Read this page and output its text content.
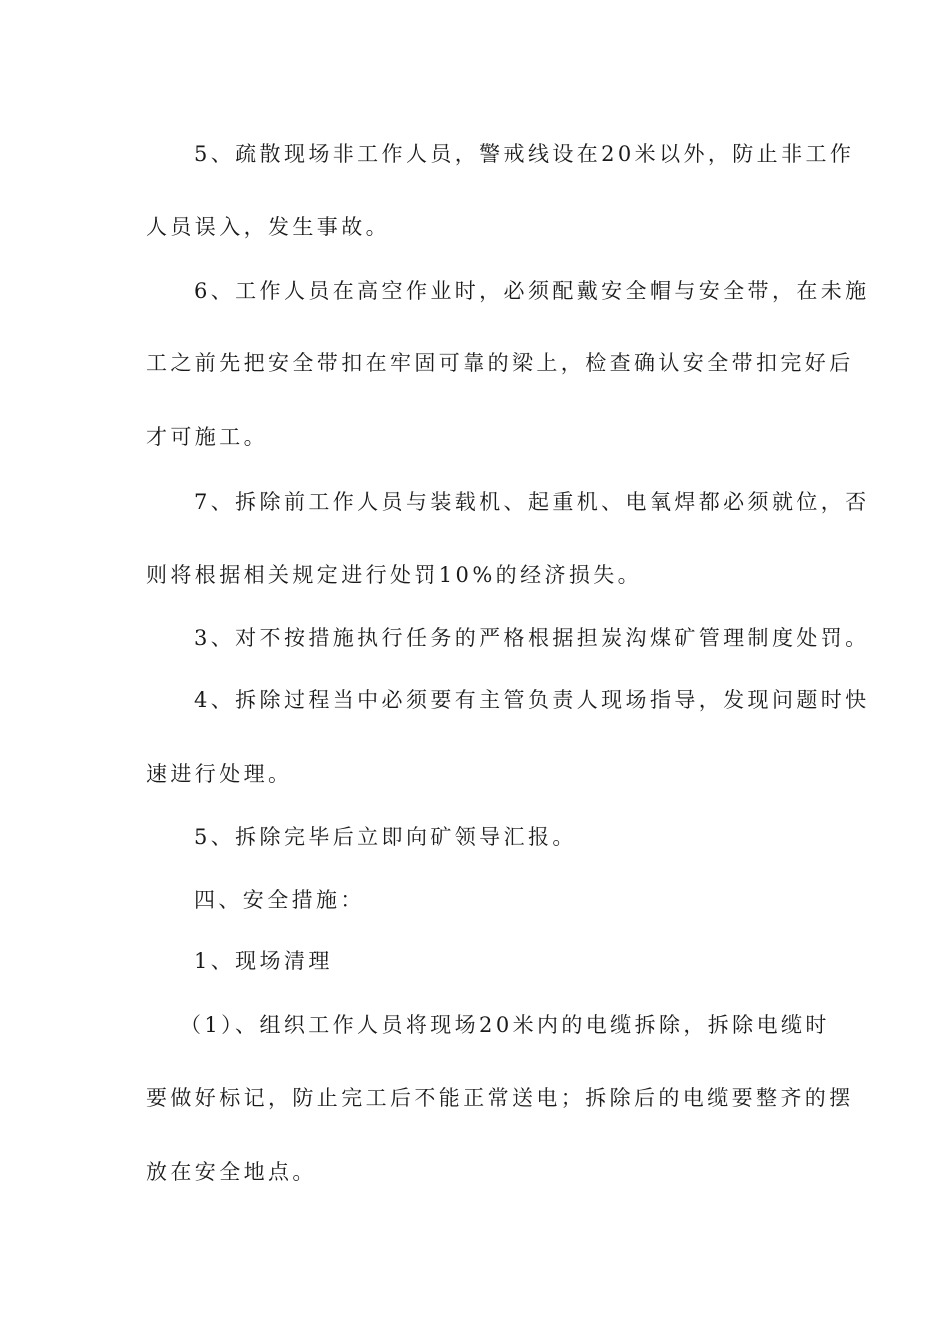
5、疏散现场非工作人员，警戒线设在20米以外，防止非工作
人员误入，发生事故。
6、工作人员在高空作业时，必须配戴安全帽与安全带，在未施
工之前先把安全带扣在牢固可靠的梁上，检查确认安全带扣完好后
才可施工。
7、拆除前工作人员与装载机、起重机、电氧焊都必须就位，否
则将根据相关规定进行处罚10%的经济损失。
3、对不按措施执行任务的严格根据担炭沟煤矿管理制度处罚。
4、拆除过程当中必须要有主管负责人现场指导，发现问题时快
速进行处理。
5、拆除完毕后立即向矿领导汇报。
四、安全措施：
1、现场清理
（1）、组织工作人员将现场20米内的电缆拆除，拆除电缆时
要做好标记，防止完工后不能正常送电；拆除后的电缆要整齐的摆
放在安全地点。
